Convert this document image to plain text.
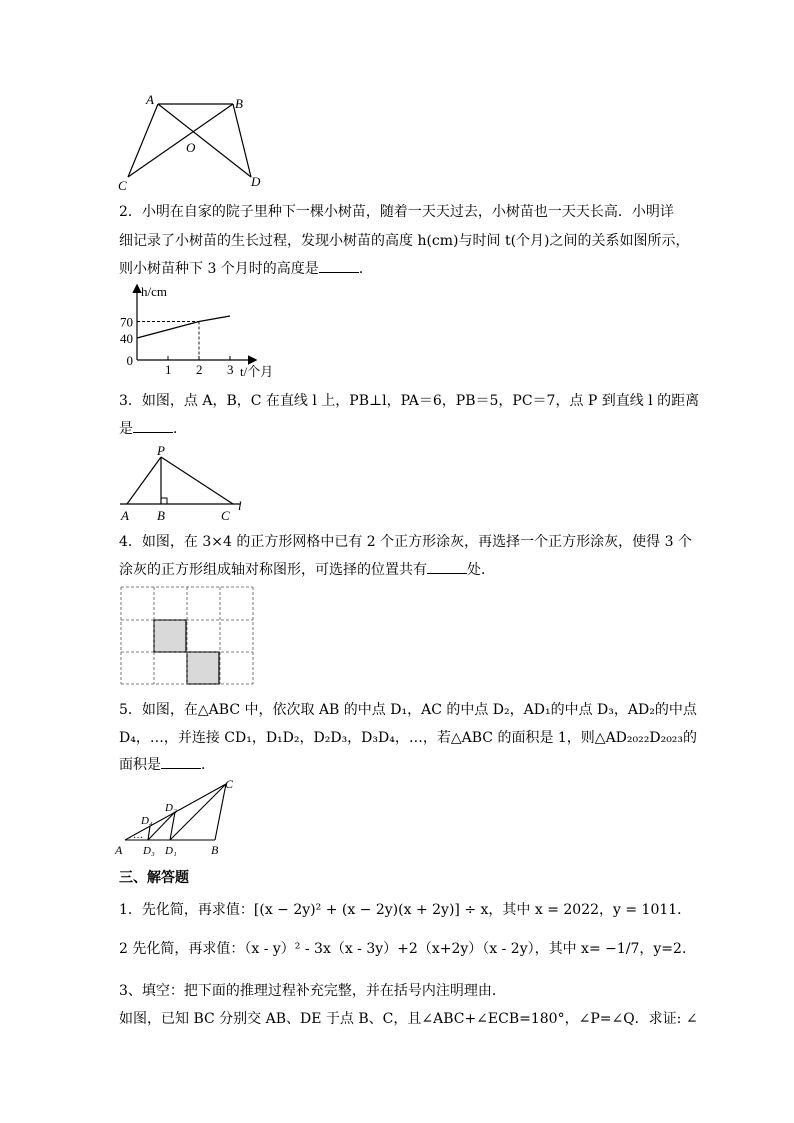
A	B
C	D
O
2．小明在自家的院子里种下一棵小树苗，随着一天天过去，小树苗也一天天长高．小明详
细记录了小树苗的生长过程，发现小树苗的高度 h(cm)与时间 t(个月)之间的关系如图所示，
则小树苗种下 3 个月时的高度是	．
1 2 3
0
40
70
h/cm
t/个月
3．如图，点 A，B，C 在直线 l 上，PB⊥l，PA＝6，PB＝5，PC＝7，点 P 到直线 l 的距离
是	．
P
A B	C
l
4．如图，在 3×4 的正方形网格中已有 2 个正方形涂灰，再选择一个正方形涂灰，使得 3 个
涂灰的正方形组成轴对称图形，可选择的位置共有	处．
5．如图，在△ABC 中，依次取 AB 的中点 D₁，AC 的中点 D₂，AD₁的中点 D₃，AD₂的中点
D₄，…，并连接 CD₁，D₁D₂，D₂D₃，D₃D₄，…，若△ABC 的面积是 1，则△AD₂₀₂₂D₂₀₂₃的
面积是	．
A	B
C
D₁
D₂
D₃
D₄
…
三、解答题
1．先化简，再求值：[(x − 2y)² + (x − 2y)(x + 2y)] ÷ x，其中 x = 2022，y = 1011．
2 先化简，再求值：（x - y）² - 3x（x - 3y）+2（x+2y）（x - 2y），其中 x= −1/7，y=2．
3、填空：把下面的推理过程补充完整，并在括号内注明理由．
如图，已知 BC 分别交 AB、DE 于点 B、C，且∠ABC+∠ECB=180°，∠P=∠Q．求证: ∠
